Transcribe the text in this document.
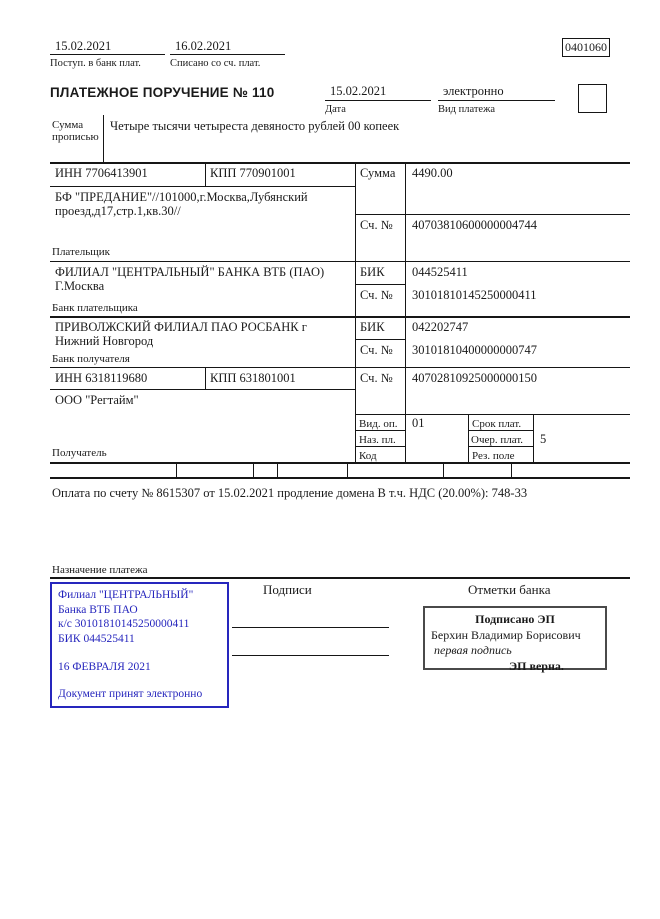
15.02.2021
Поступ. в банк плат.
16.02.2021
Списано со сч. плат.
0401060
ПЛАТЕЖНОЕ ПОРУЧЕНИЕ № 110	15.02.2021
Дата
электронно
Вид платежа
Сумма прописью
Четыре тысячи четыреста девяносто рублей 00 копеек
ИНН 7706413901	КПП 770901001
БФ "ПРЕДАНИЕ"//101000,г.Москва,Лубянский проезд,д17,стр.1,кв.30//
Плательщик
ФИЛИАЛ "ЦЕНТРАЛЬНЫЙ" БАНКА ВТБ (ПАО) Г.Москва
Банк плательщика
ПРИВОЛЖСКИЙ ФИЛИАЛ ПАО РОСБАНК г Нижний Новгород
Банк получателя
ИНН 6318119680	КПП 631801001
ООО "Регтайм"
Получатель
Сумма 4490.00
Сч. № 40703810600000004744
БИК 044525411
Сч. № 30101810145250000411
БИК 042202747
Сч. № 30101810400000000747
Сч. № 40702810925000000150
Вид. оп. 01	Срок плат.
Наз. пл.	Очер. плат. 5
Код	Рез. поле
Оплата по счету № 8615307 от 15.02.2021 продление домена В т.ч. НДС (20.00%): 748-33
Назначение платежа
Филиал "ЦЕНТРАЛЬНЫЙ" Банка ВТБ ПАО
к/с 30101810145250000411
БИК 044525411
16 ФЕВРАЛЯ 2021
Документ принят электронно
Подписи	Отметки банка
Подписано ЭП
Берхин Владимир Борисович
первая подпись
ЭП верна.
